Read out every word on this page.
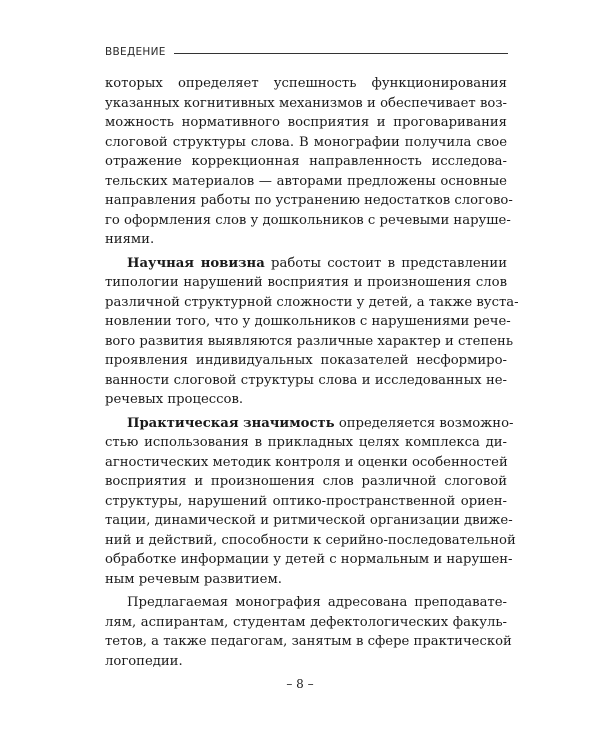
ВВЕДЕНИЕ
которых определяет успешность функционирования
указанных когнитивных механизмов и обеспечивает воз-
можность нормативного восприятия и проговаривания
слоговой структуры слова. В монографии получила свое
отражение коррекционная направленность исследова-
тельских материалов — авторами предложены основные
направления работы по устранению недостатков слогово-
го оформления слов у дошкольников с речевыми наруше-
ниями.
Научная новизна работы состоит в представлении
типологии нарушений восприятия и произношения слов
различной структурной сложности у детей, а также вуста-
новлении того, что у дошкольников с нарушениями рече-
вого развития выявляются различные характер и степень
проявления индивидуальных показателей несформиро-
ванности слоговой структуры слова и исследованных не-
речевых процессов.
Практическая значимость определяется возможно-
стью использования в прикладных целях комплекса ди-
агностических методик контроля и оценки особенностей
восприятия и произношения слов различной слоговой
структуры, нарушений оптико-пространственной ориен-
тации, динамической и ритмической организации движе-
ний и действий, способности к серийно-последовательной
обработке информации у детей с нормальным и нарушен-
ным речевым развитием.
Предлагаемая монография адресована преподавате-
лям, аспирантам, студентам дефектологических факуль-
тетов, а также педагогам, занятым в сфере практической
логопедии.
– 8 –
